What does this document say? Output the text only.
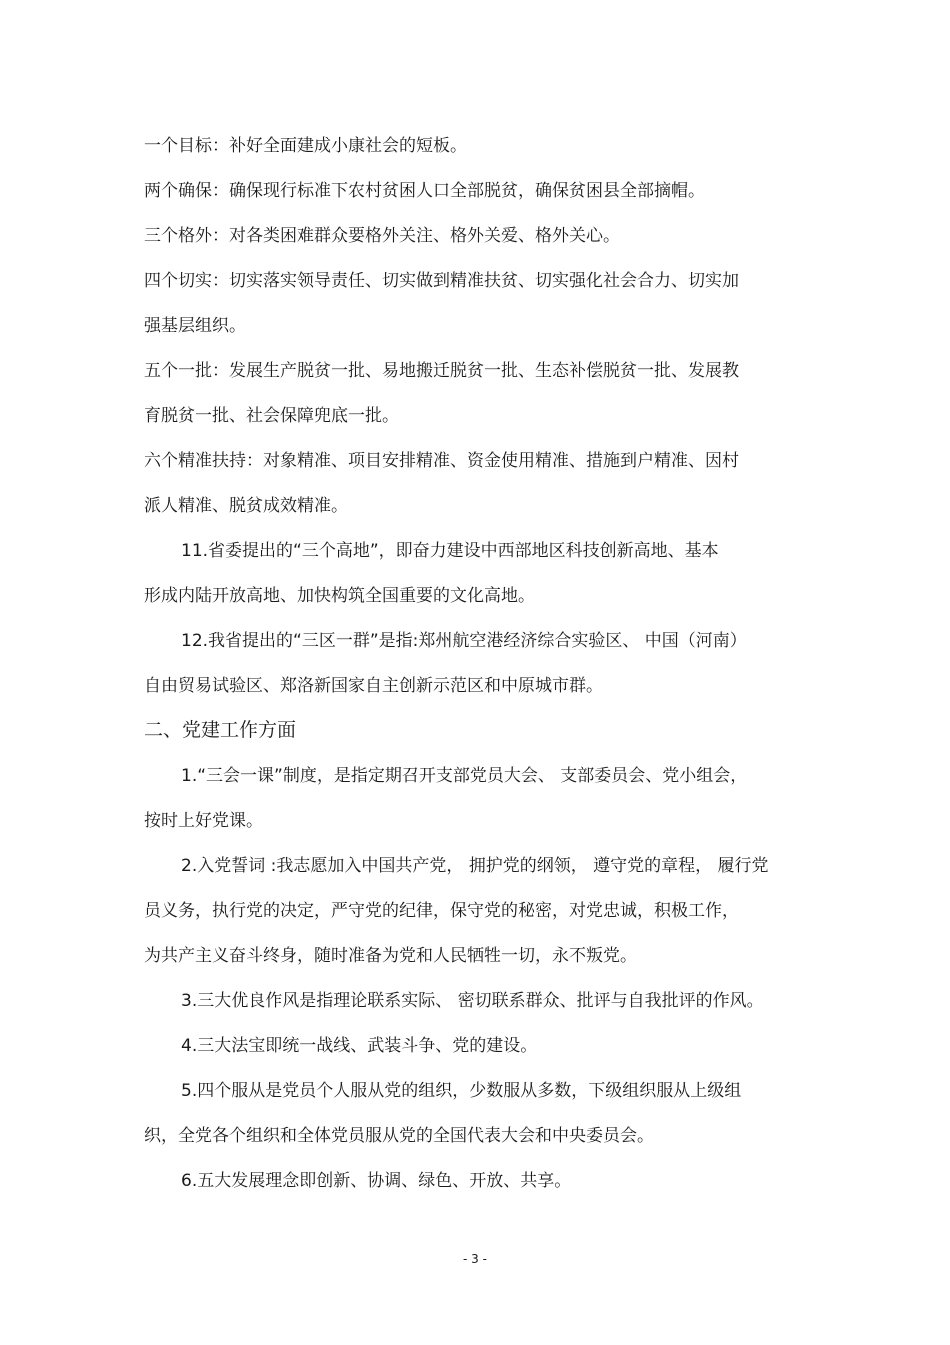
一个目标：补好全面建成小康社会的短板。
两个确保：确保现行标准下农村贫困人口全部脱贫，确保贫困县全部摘帽。
三个格外：对各类困难群众要格外关注、格外关爱、格外关心。
四个切实：切实落实领导责任、切实做到精准扶贫、切实强化社会合力、切实加
强基层组织。
五个一批：发展生产脱贫一批、易地搬迁脱贫一批、生态补偿脱贫一批、发展教
育脱贫一批、社会保障兜底一批。
六个精准扶持：对象精准、项目安排精准、资金使用精准、措施到户精准、因村
派人精准、脱贫成效精准。
11.省委提出的“三个高地”，即奋力建设中西部地区科技创新高地、基本
形成内陆开放高地、加快构筑全国重要的文化高地。
12.我省提出的“三区一群”是指:郑州航空港经济综合实验区、 中国（河南）
自由贸易试验区、郑洛新国家自主创新示范区和中原城市群。
二、党建工作方面
1.“三会一课”制度，是指定期召开支部党员大会、 支部委员会、党小组会，
按时上好党课。
2.入党誓词 :我志愿加入中国共产党， 拥护党的纲领， 遵守党的章程， 履行党
员义务，执行党的决定，严守党的纪律，保守党的秘密，对党忠诚，积极工作，
为共产主义奋斗终身，随时准备为党和人民牺牲一切，永不叛党。
3.三大优良作风是指理论联系实际、 密切联系群众、批评与自我批评的作风。
4.三大法宝即统一战线、武装斗争、党的建设。
5.四个服从是党员个人服从党的组织，少数服从多数，下级组织服从上级组
织，全党各个组织和全体党员服从党的全国代表大会和中央委员会。
6.五大发展理念即创新、协调、绿色、开放、共享。
- 3 -
